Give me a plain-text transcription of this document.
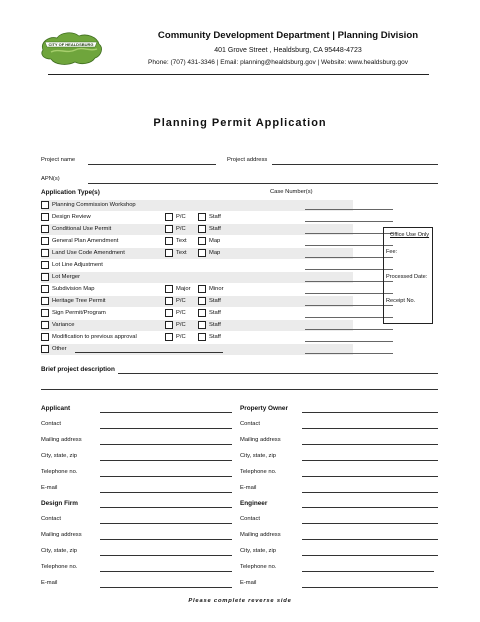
CITY OF HEALDSBURG
Community Development Department | Planning Division
401 Grove Street , Healdsburg, CA 95448-4723
Phone: (707) 431-3346 | Email: planning@healdsburg.gov | Website: www.healdsburg.gov
Planning Permit Application
Project name	Project address
APN(s)
Application Type(s)	Case Number(s)
Planning Commission Workshop
Design Review	P/C	Staff
Conditional Use Permit	P/C	Staff
General Plan Amendment	Text	Map
Land Use Code Amendment	Text	Map
Lot Line Adjustment
Lot Merger
Subdivision Map	Major	Minor
Heritage Tree Permit	P/C	Staff
Sign Permit/Program	P/C	Staff
Variance	P/C	Staff
Modification to previous approval	P/C	Staff
Other
Office Use Only
Fee:
Processed Date:
Receipt No.
Brief project description
Applicant
Contact
Mailing address
City, state, zip
Telephone no.
E-mail
Property Owner
Contact
Mailing address
City, state, zip
Telephone no.
E-mail
Design Firm
Contact
Mailing address
City, state, zip
Telephone no.
E-mail
Engineer
Contact
Mailing address
City, state, zip
Telephone no.
E-mail
Please complete reverse side
